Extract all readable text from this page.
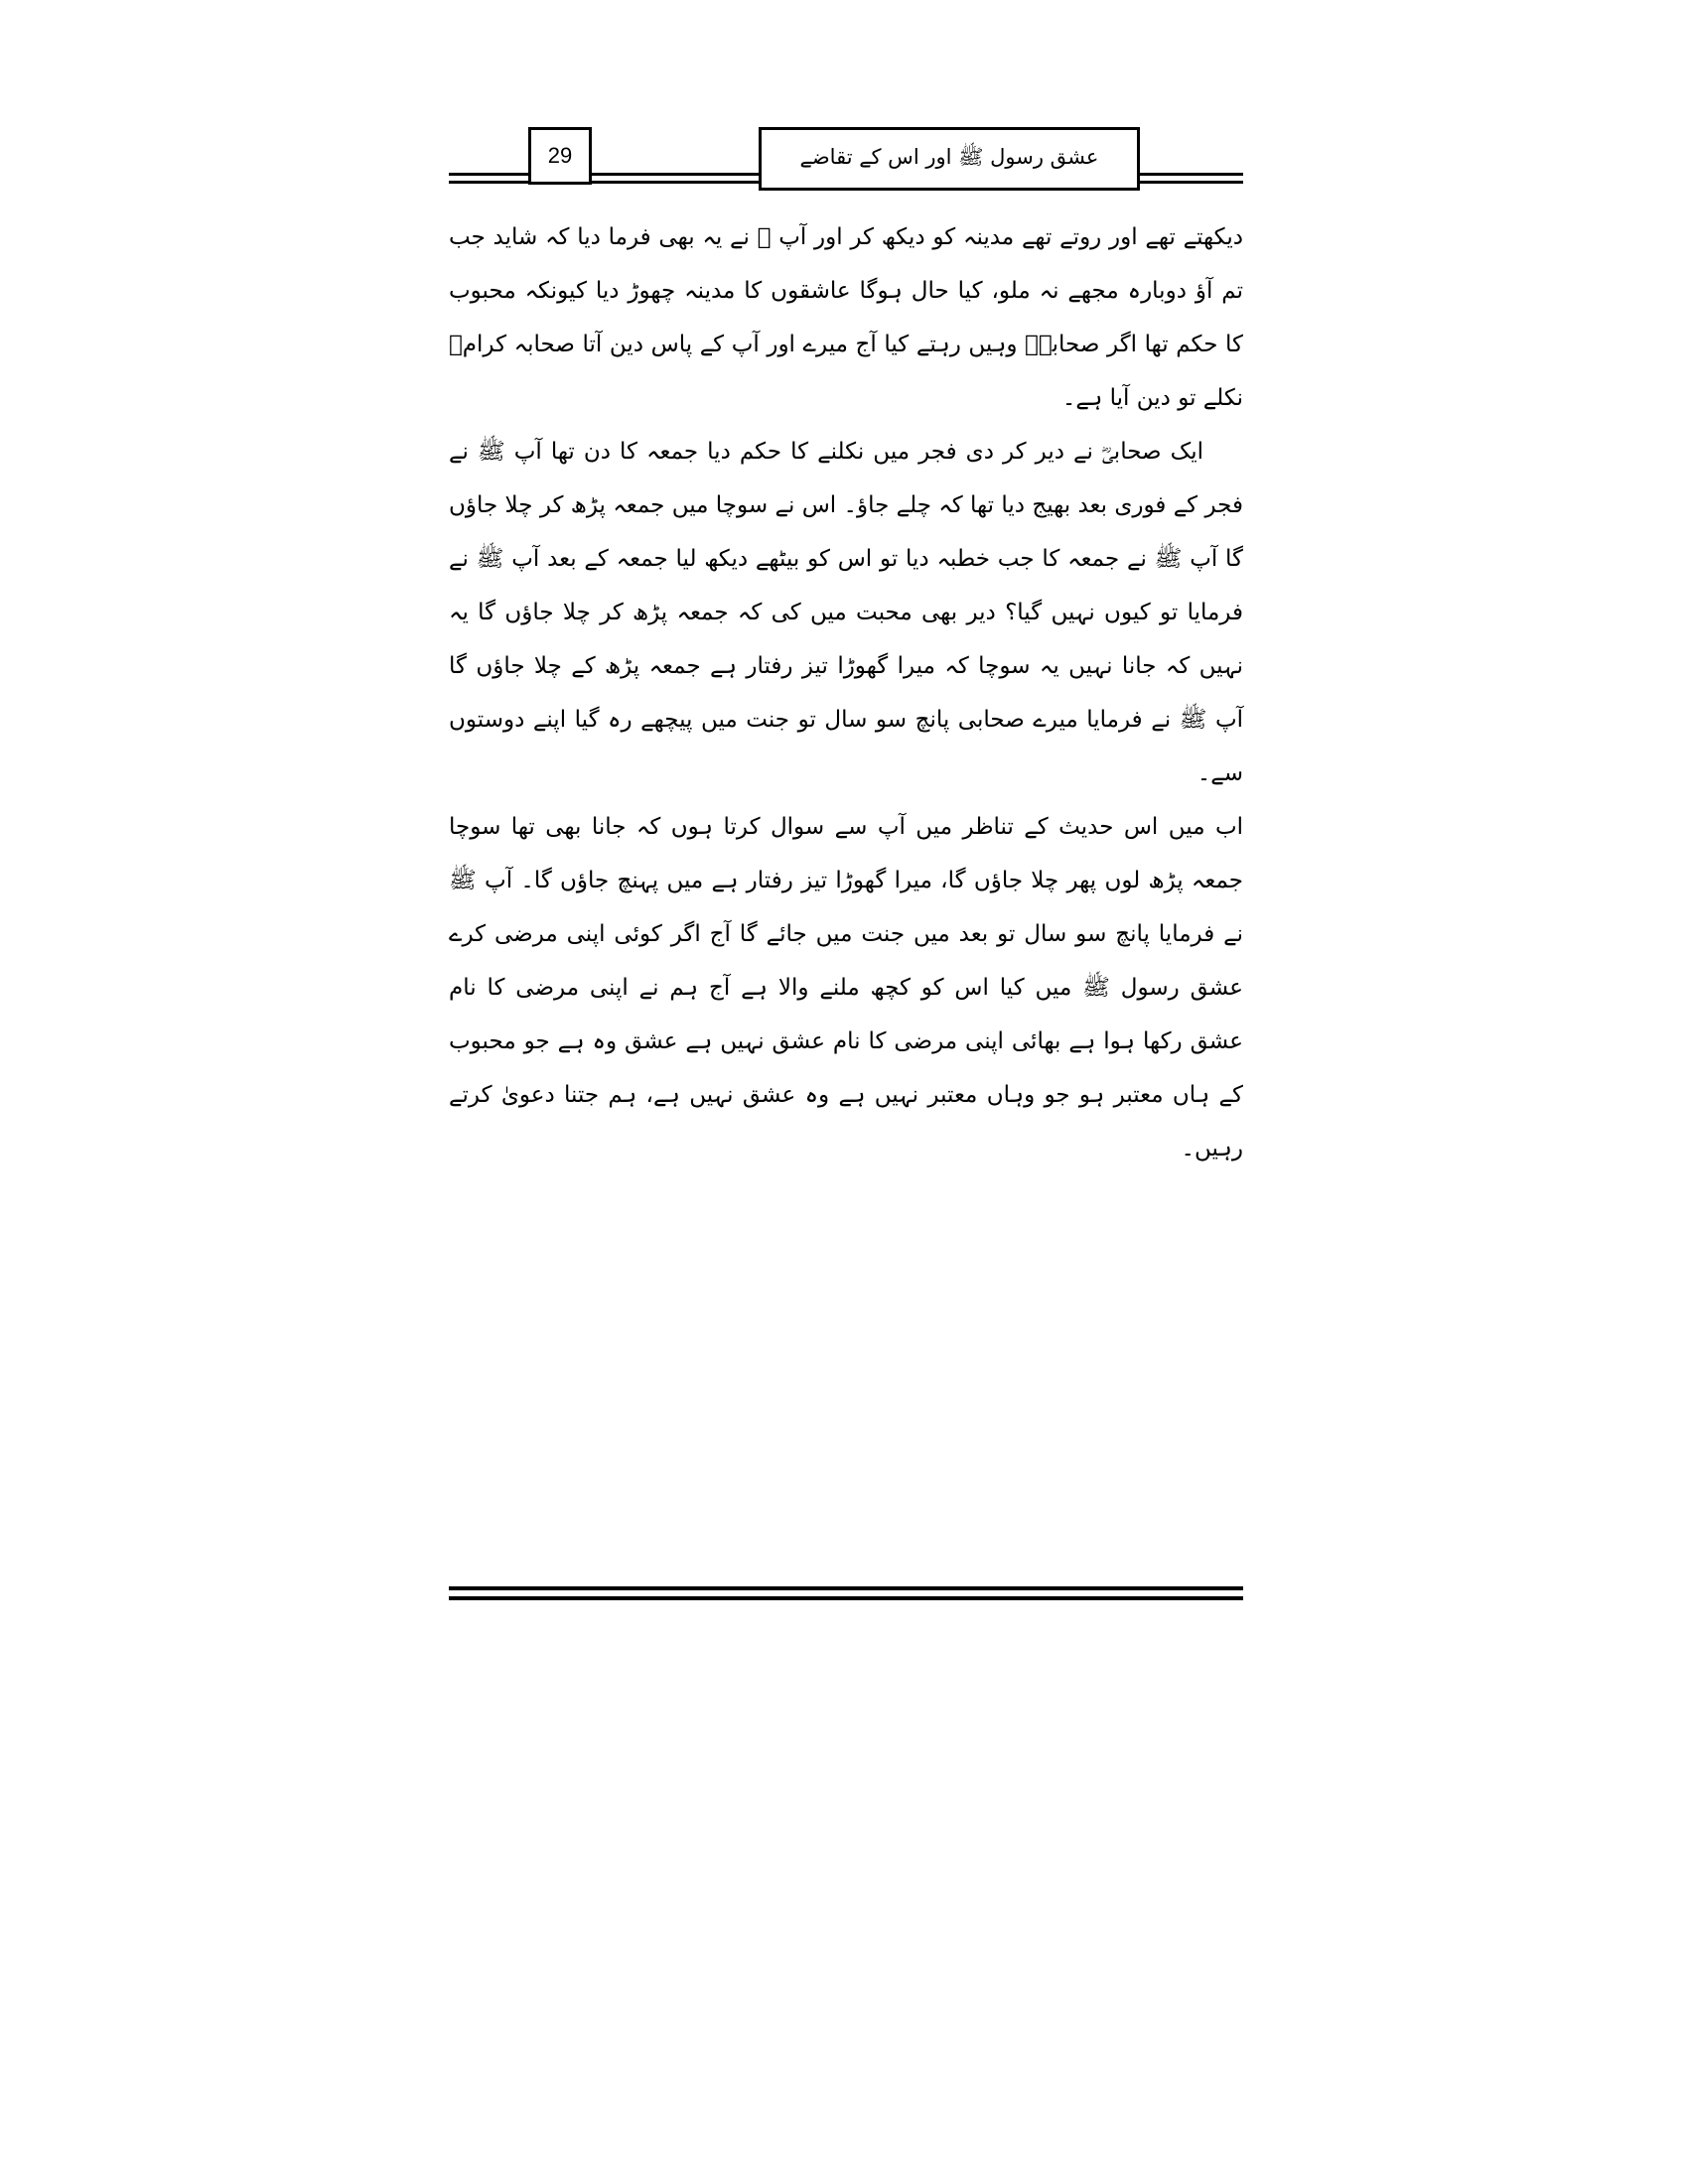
29	عشق رسول ﷺ اور اس کے تقاضے

دیکھتے تھے اور روتے تھے مدینہ کو دیکھ کر اور آپ ﷺ نے یہ بھی فرما دیا کہ شاید جب تم آؤ دوبارہ مجھے نہ ملو، کیا حال ہوگا عاشقوں کا مدینہ چھوڑ دیا کیونکہ محبوب کا حکم تھا اگر صحابہؓ وہیں رہتے کیا آج میرے اور آپ کے پاس دین آتا صحابہ کرامؓ نکلے تو دین آیا ہے۔

ایک صحابیؓ نے دیر کر دی فجر میں نکلنے کا حکم دیا جمعہ کا دن تھا آپ ﷺ نے فجر کے فوری بعد بھیج دیا تھا کہ چلے جاؤ۔ اس نے سوچا میں جمعہ پڑھ کر چلا جاؤں گا آپ ﷺ نے جمعہ کا جب خطبہ دیا تو اس کو بیٹھے دیکھ لیا جمعہ کے بعد آپ ﷺ نے فرمایا تو کیوں نہیں گیا؟ دیر بھی محبت میں کی کہ جمعہ پڑھ کر چلا جاؤں گا یہ نہیں کہ جانا نہیں یہ سوچا کہ میرا گھوڑا تیز رفتار ہے جمعہ پڑھ کے چلا جاؤں گا آپ ﷺ نے فرمایا میرے صحابی پانچ سو سال تو جنت میں پیچھے رہ گیا اپنے دوستوں سے۔

اب میں اس حدیث کے تناظر میں آپ سے سوال کرتا ہوں کہ جانا بھی تھا سوچا جمعہ پڑھ لوں پھر چلا جاؤں گا، میرا گھوڑا تیز رفتار ہے میں پہنچ جاؤں گا۔ آپ ﷺ نے فرمایا پانچ سو سال تو بعد میں جنت میں جائے گا آج اگر کوئی اپنی مرضی کرے عشق رسول ﷺ میں کیا اس کو کچھ ملنے والا ہے آج ہم نے اپنی مرضی کا نام عشق رکھا ہوا ہے بھائی اپنی مرضی کا نام عشق نہیں ہے عشق وہ ہے جو محبوب کے ہاں معتبر ہو جو وہاں معتبر نہیں ہے وہ عشق نہیں ہے، ہم جتنا دعویٰ کرتے رہیں۔
